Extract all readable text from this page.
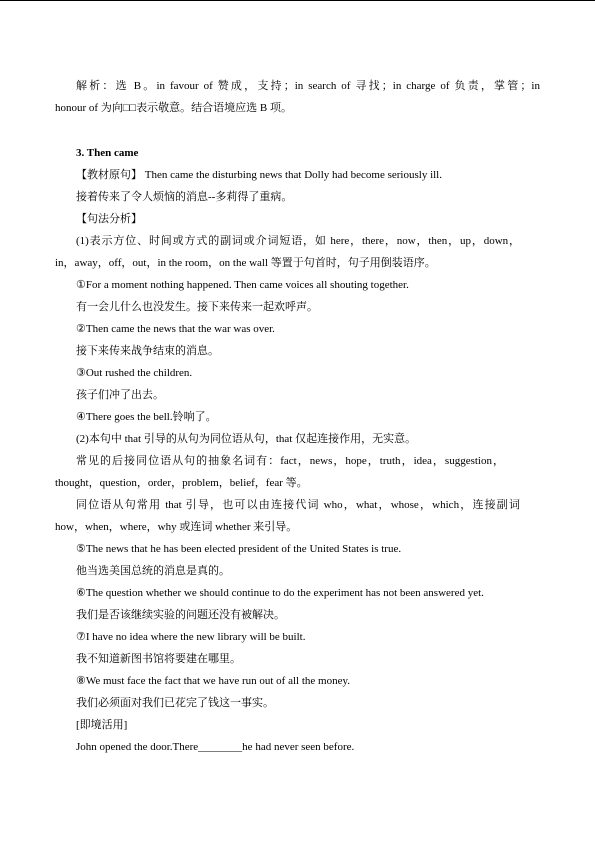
解析：选 B。in favour of 赞成，支持；in search of 寻找；in charge of 负责，掌管；in
honour of 为向□□表示敬意。结合语境应选 B 项。
3. Then came
【教材原句】 Then came the disturbing news that Dolly had become seriously ill.
接着传来了令人烦恼的消息--多莉得了重病。
【句法分析】
(1)表示方位、时间或方式的副词或介词短语，如 here，there，now，then，up，down，
in，away，off，out，in the room，on the wall 等置于句首时，句子用倒装语序。
①For a moment nothing happened. Then came voices all shouting together.
有一会儿什么也没发生。接下来传来一起欢呼声。
②Then came the news that the war was over.
接下来传来战争结束的消息。
③Out rushed the children.
孩子们冲了出去。
④There goes the bell.铃响了。
(2)本句中 that 引导的从句为同位语从句，that 仅起连接作用，无实意。
常见的后接同位语从句的抽象名词有：fact，news，hope，truth，idea，suggestion，
thought，question，order，problem，belief，fear 等。
同位语从句常用 that 引导，也可以由连接代词 who，what，whose，which，连接副词
how，when，where，why 或连词 whether 来引导。
⑤The news that he has been elected president of the United States is true.
他当选美国总统的消息是真的。
⑥The question whether we should continue to do the experiment has not been answered yet.
我们是否该继续实验的问题还没有被解决。
⑦I have no idea where the new library will be built.
我不知道新图书馆将要建在哪里。
⑧We must face the fact that we have run out of all the money.
我们必须面对我们已花完了钱这一事实。
[即境活用]
John opened the door.There________he had never seen before.
